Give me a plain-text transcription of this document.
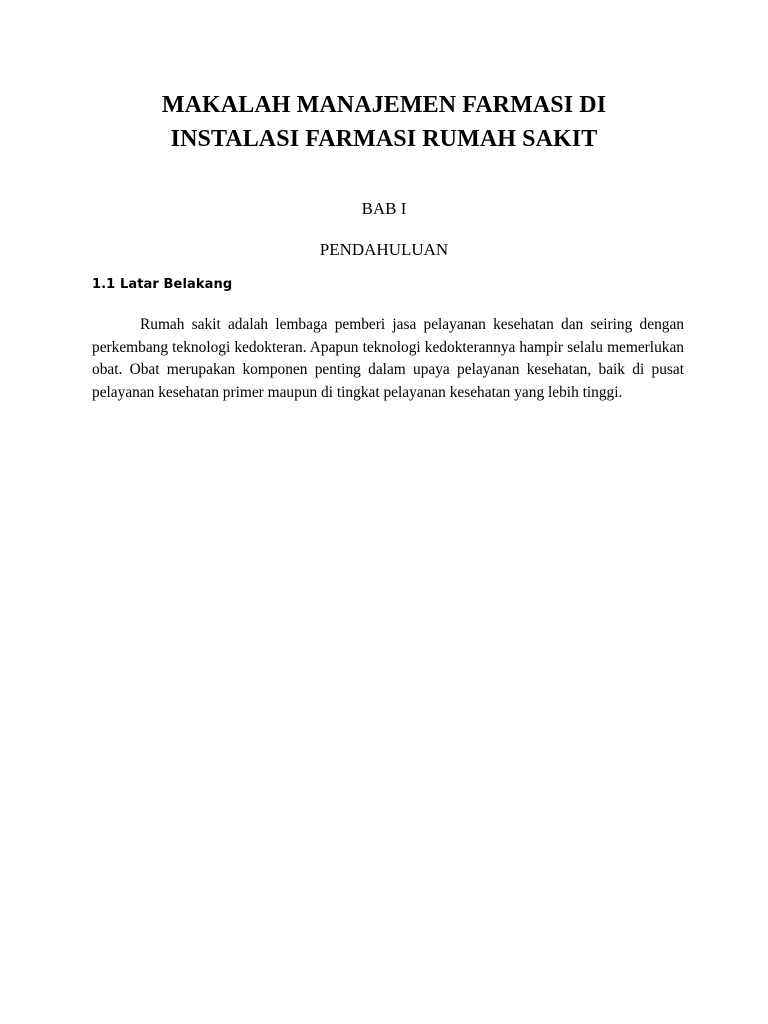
MAKALAH MANAJEMEN FARMASI DI
INSTALASI FARMASI RUMAH SAKIT
BAB I
PENDAHULUAN
1.1 Latar Belakang

Rumah sakit adalah lembaga pemberi jasa pelayanan kesehatan dan seiring dengan perkembang teknologi kedokteran. Apapun teknologi kedokterannya hampir selalu memerlukan obat. Obat merupakan komponen penting dalam upaya pelayanan kesehatan, baik di pusat pelayanan kesehatan primer maupun di tingkat pelayanan kesehatan yang lebih tinggi.
